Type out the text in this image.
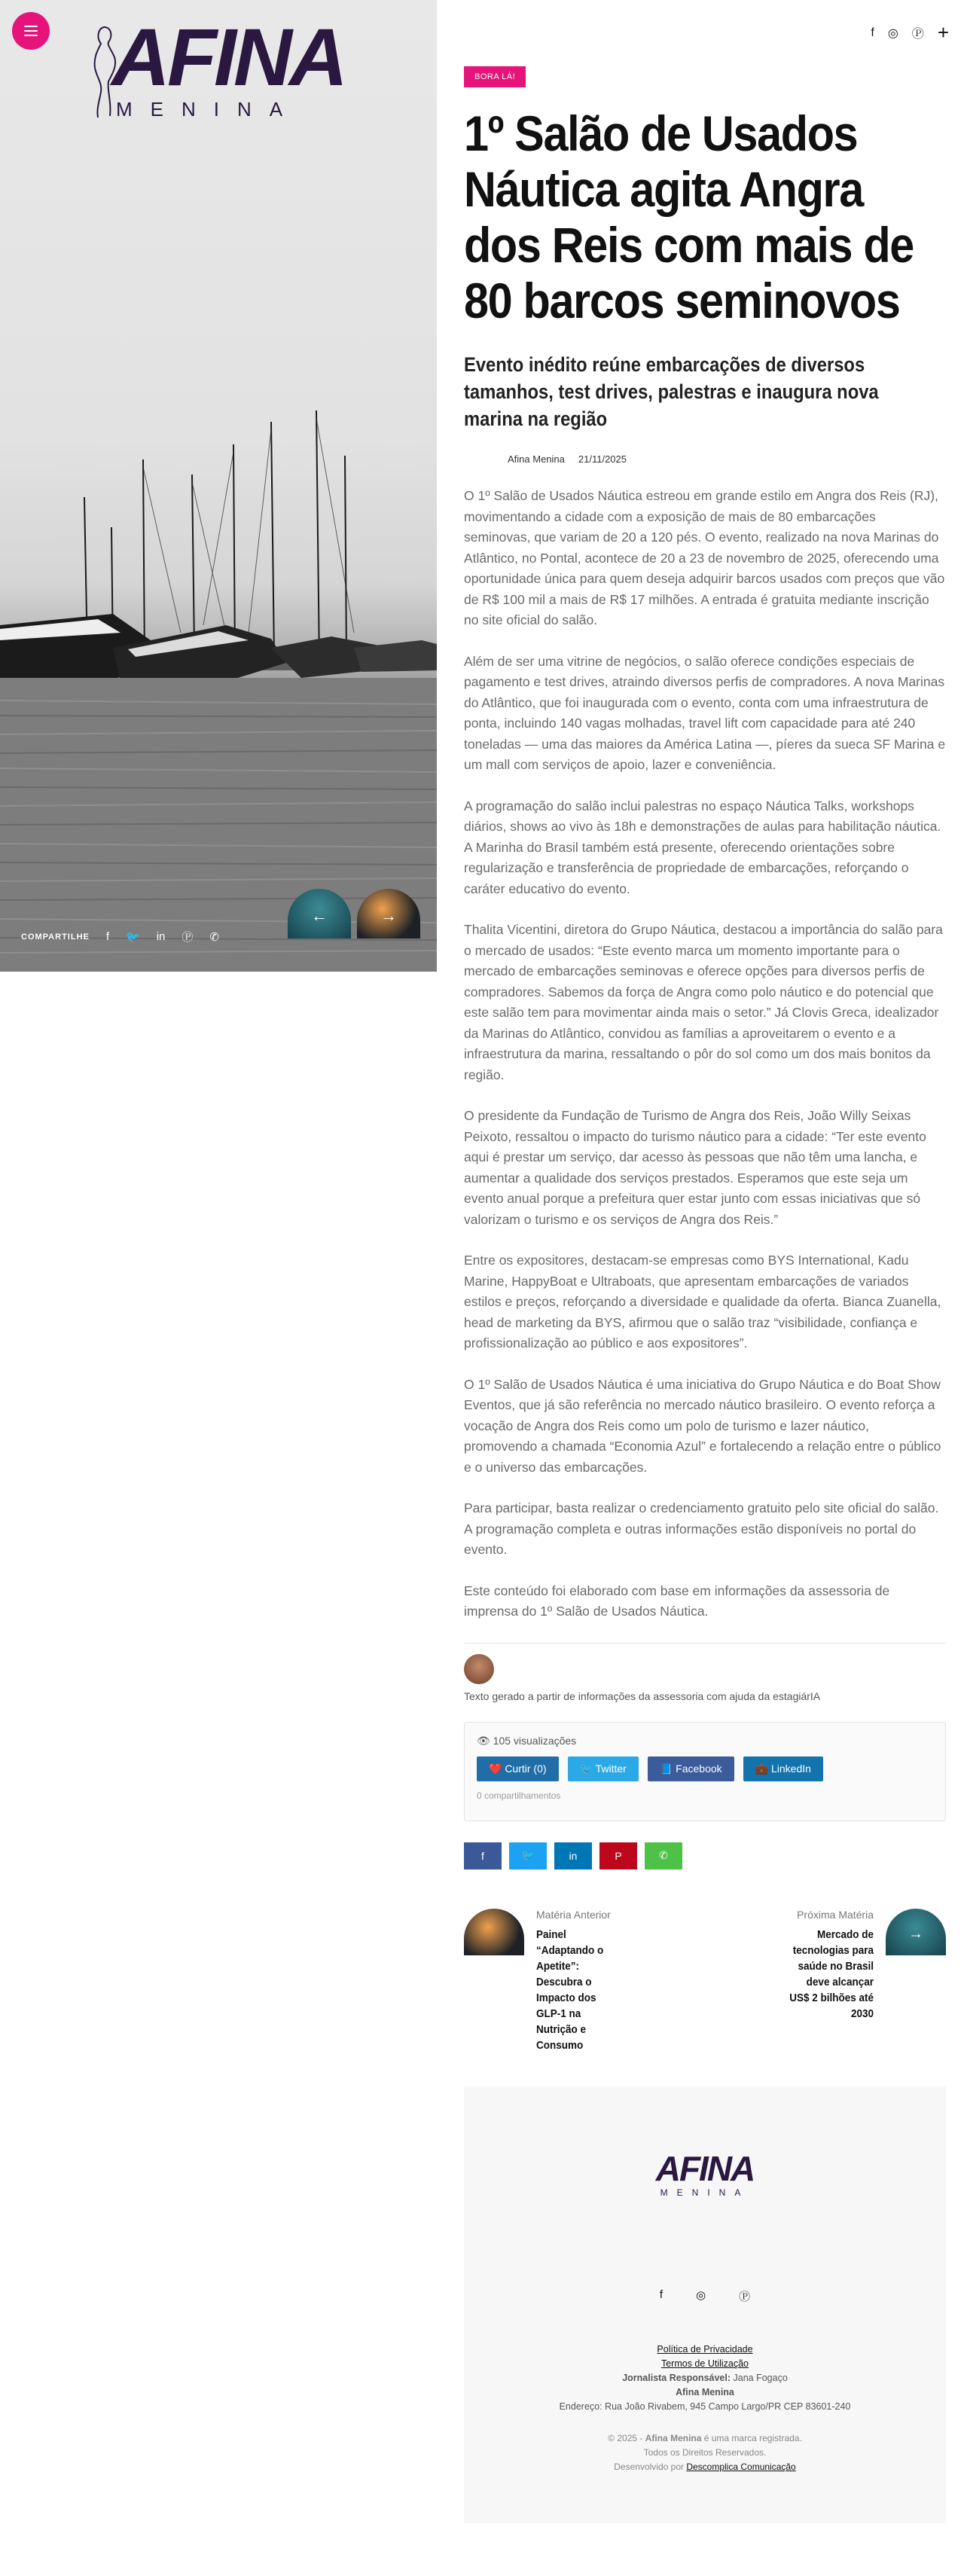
AFINA
MENINA
COMPARTILHE f 🐦 in Ⓟ ✆
←	→
f ◎ Ⓟ +
BORA LÁ!
1º Salão de Usados Náutica agita Angra dos Reis com mais de 80 barcos seminovos
Evento inédito reúne embarcações de diversos tamanhos, test drives, palestras e inaugura nova marina na região
Afina Menina 21/11/2025

O 1º Salão de Usados Náutica estreou em grande estilo em Angra dos Reis (RJ), movimentando a cidade com a exposição de mais de 80 embarcações seminovas, que variam de 20 a 120 pés. O evento, realizado na nova Marinas do Atlântico, no Pontal, acontece de 20 a 23 de novembro de 2025, oferecendo uma oportunidade única para quem deseja adquirir barcos usados com preços que vão de R$ 100 mil a mais de R$ 17 milhões. A entrada é gratuita mediante inscrição no site oficial do salão.

Além de ser uma vitrine de negócios, o salão oferece condições especiais de pagamento e test drives, atraindo diversos perfis de compradores. A nova Marinas do Atlântico, que foi inaugurada com o evento, conta com uma infraestrutura de ponta, incluindo 140 vagas molhadas, travel lift com capacidade para até 240 toneladas — uma das maiores da América Latina —, píeres da sueca SF Marina e um mall com serviços de apoio, lazer e conveniência.

A programação do salão inclui palestras no espaço Náutica Talks, workshops diários, shows ao vivo às 18h e demonstrações de aulas para habilitação náutica. A Marinha do Brasil também está presente, oferecendo orientações sobre regularização e transferência de propriedade de embarcações, reforçando o caráter educativo do evento.

Thalita Vicentini, diretora do Grupo Náutica, destacou a importância do salão para o mercado de usados: “Este evento marca um momento importante para o mercado de embarcações seminovas e oferece opções para diversos perfis de compradores. Sabemos da força de Angra como polo náutico e do potencial que este salão tem para movimentar ainda mais o setor.” Já Clovis Greca, idealizador da Marinas do Atlântico, convidou as famílias a aproveitarem o evento e a infraestrutura da marina, ressaltando o pôr do sol como um dos mais bonitos da região.

O presidente da Fundação de Turismo de Angra dos Reis, João Willy Seixas Peixoto, ressaltou o impacto do turismo náutico para a cidade: “Ter este evento aqui é prestar um serviço, dar acesso às pessoas que não têm uma lancha, e aumentar a qualidade dos serviços prestados. Esperamos que este seja um evento anual porque a prefeitura quer estar junto com essas iniciativas que só valorizam o turismo e os serviços de Angra dos Reis.”

Entre os expositores, destacam-se empresas como BYS International, Kadu Marine, HappyBoat e Ultraboats, que apresentam embarcações de variados estilos e preços, reforçando a diversidade e qualidade da oferta. Bianca Zuanella, head de marketing da BYS, afirmou que o salão traz “visibilidade, confiança e profissionalização ao público e aos expositores”.

O 1º Salão de Usados Náutica é uma iniciativa do Grupo Náutica e do Boat Show Eventos, que já são referência no mercado náutico brasileiro. O evento reforça a vocação de Angra dos Reis como um polo de turismo e lazer náutico, promovendo a chamada “Economia Azul” e fortalecendo a relação entre o público e o universo das embarcações.

Para participar, basta realizar o credenciamento gratuito pelo site oficial do salão. A programação completa e outras informações estão disponíveis no portal do evento.

Este conteúdo foi elaborado com base em informações da assessoria de imprensa do 1º Salão de Usados Náutica.

Texto gerado a partir de informações da assessoria com ajuda da estagiárIA
👁 105 visualizações
❤️ Curtir (0)	🐦 Twitter	📘 Facebook	💼 LinkedIn
0 compartilhamentos
f	🐦	in	P	✆
Matéria Anterior
Painel “Adaptando o Apetite”: Descubra o Impacto dos GLP-1 na Nutrição e Consumo
→
Próxima Matéria
Mercado de tecnologias para saúde no Brasil deve alcançar US$ 2 bilhões até 2030
AFINA
MENINA
f	◎	Ⓟ
Política de Privacidade
Termos de Utilização
Jornalista Responsável: Jana Fogaço
Afina Menina
Endereço: Rua João Rivabem, 945 Campo Largo/PR CEP 83601-240
© 2025 - Afina Menina é uma marca registrada.
Todos os Direitos Reservados.
Desenvolvido por Descomplica Comunicação
